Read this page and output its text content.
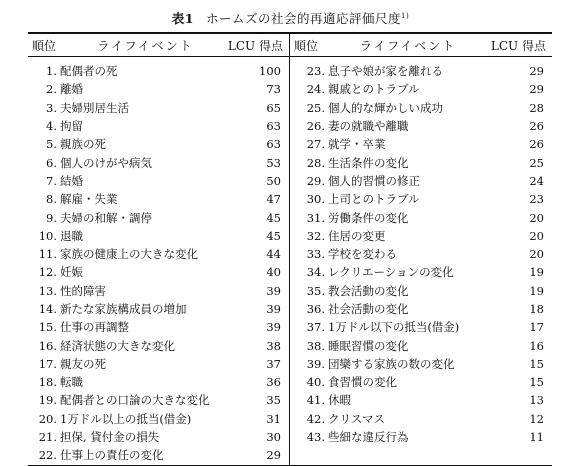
表1 ホームズの社会的再適応評価尺度$^{1)}$
順位	ライフイベント	LCU 得点 順位	ライフイベント	LCU 得点
1. 配偶者の死	100
2. 離婚	73
3. 夫婦別居生活	65
4. 拘留	63
5. 親族の死	63
6. 個人のけがや病気	53
7. 結婚	50
8. 解雇・失業	47
9. 夫婦の和解・調停	45
10. 退職	45
11. 家族の健康上の大きな変化	44
12. 妊娠	40
13. 性的障害	39
14. 新たな家族構成員の増加	39
15. 仕事の再調整	39
16. 経済状態の大きな変化	38
17. 親友の死	37
18. 転職	36
19. 配偶者との口論の大きな変化	35
20. 1万ドル以上の抵当(借金)	31
21. 担保, 貸付金の損失	30
22. 仕事上の責任の変化	29
23. 息子や娘が家を離れる	29
24. 親戚とのトラブル	29
25. 個人的な輝かしい成功	28
26. 妻の就職や離職	26
27. 就学・卒業	26
28. 生活条件の変化	25
29. 個人的習慣の修正	24
30. 上司とのトラブル	23
31. 労働条件の変化	20
32. 住居の変更	20
33. 学校を変わる	20
34. レクリエーションの変化	19
35. 教会活動の変化	19
36. 社会活動の変化	18
37. 1万ドル以下の抵当(借金)	17
38. 睡眠習慣の変化	16
39. 団欒する家族の数の変化	15
40. 食習慣の変化	15
41. 休暇	13
42. クリスマス	12
43. 些細な違反行為	11
